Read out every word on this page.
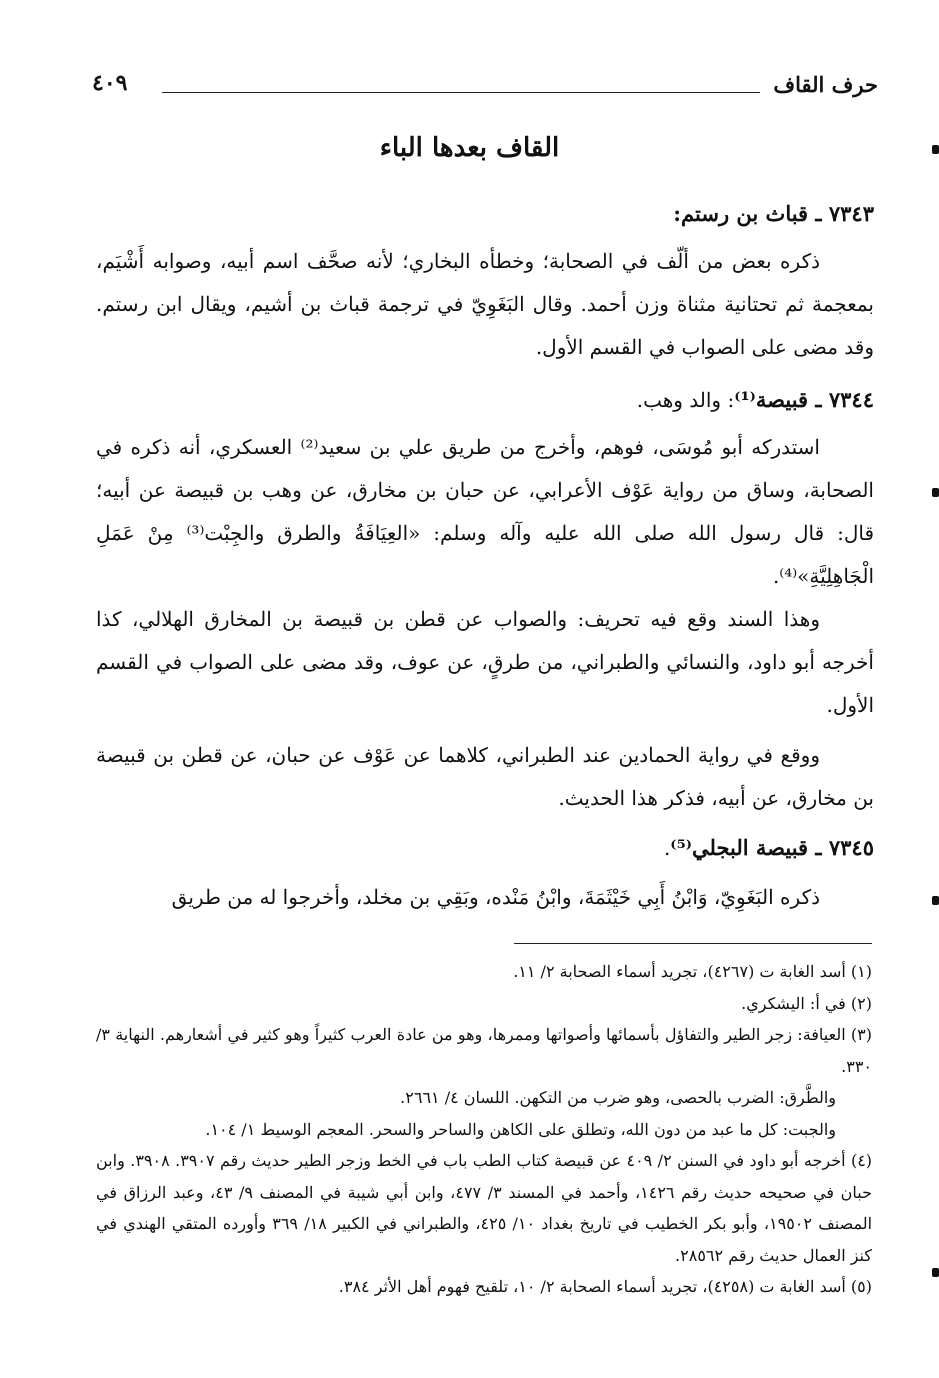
حرف القاف
٤٠٩
القاف بعدها الباء
٧٣٤٣ ـ قباث بن رستم:
ذكره بعض من ألّف في الصحابة؛ وخطأه البخاري؛ لأنه صحَّف اسم أبيه، وصوابه أَشْيَم، بمعجمة ثم تحتانية مثناة وزن أحمد. وقال البَغَوِيّ في ترجمة قباث بن أشيم، ويقال ابن رستم. وقد مضى على الصواب في القسم الأول.
٧٣٤٤ ـ قبيصة⁽¹⁾: والد وهب.
استدركه أبو مُوسَى، فوهم، وأخرج من طريق علي بن سعيد⁽²⁾ العسكري، أنه ذكره في الصحابة، وساق من رواية عَوْف الأعرابي، عن حبان بن مخارق، عن وهب بن قبيصة عن أبيه؛ قال: قال رسول الله صلى الله عليه وآله وسلم: «العِيَافَةُ والطرق والجِبْت⁽³⁾ مِنْ عَمَلِ الْجَاهِلِيَّةِ»⁽⁴⁾.
وهذا السند وقع فيه تحريف: والصواب عن قطن بن قبيصة بن المخارق الهلالي، كذا أخرجه أبو داود، والنسائي والطبراني، من طرقٍ، عن عوف، وقد مضى على الصواب في القسم الأول.
ووقع في رواية الحمادين عند الطبراني، كلاهما عن عَوْف عن حبان، عن قطن بن قبيصة بن مخارق، عن أبيه، فذكر هذا الحديث.
٧٣٤٥ ـ قبيصة البجلي⁽⁵⁾.
ذكره البَغَوِيّ، وَابْنُ أَبِي خَيْثَمَةَ، وابْنُ مَنْده، وبَقِي بن مخلد، وأخرجوا له من طريق

(١) أسد الغابة ت (٤٢٦٧)، تجريد أسماء الصحابة ٢/ ١١.

(٢) في أ: اليشكري.

(٣) العيافة: زجر الطير والتفاؤل بأسمائها وأصواتها وممرها، وهو من عادة العرب كثيراً وهو كثير في أشعارهم. النهاية ٣/ ٣٣٠.

والطَّرق: الضرب بالحصى، وهو ضرب من التكهن. اللسان ٤/ ٢٦٦١.

والجبت: كل ما عبد من دون الله، وتطلق على الكاهن والساحر والسحر. المعجم الوسيط ١/ ١٠٤.

(٤) أخرجه أبو داود في السنن ٢/ ٤٠٩ عن قبيصة كتاب الطب باب في الخط وزجر الطير حديث رقم ٣٩٠٧. ٣٩٠٨. وابن حبان في صحيحه حديث رقم ١٤٢٦، وأحمد في المسند ٣/ ٤٧٧، وابن أبي شيبة في المصنف ٩/ ٤٣، وعبد الرزاق في المصنف ١٩٥٠٢، وأبو بكر الخطيب في تاريخ بغداد ١٠/ ٤٢٥، والطبراني في الكبير ١٨/ ٣٦٩ وأورده المتقي الهندي في كنز العمال حديث رقم ٢٨٥٦٢.

(٥) أسد الغابة ت (٤٢٥٨)، تجريد أسماء الصحابة ٢/ ١٠، تلقيح فهوم أهل الأثر ٣٨٤.
